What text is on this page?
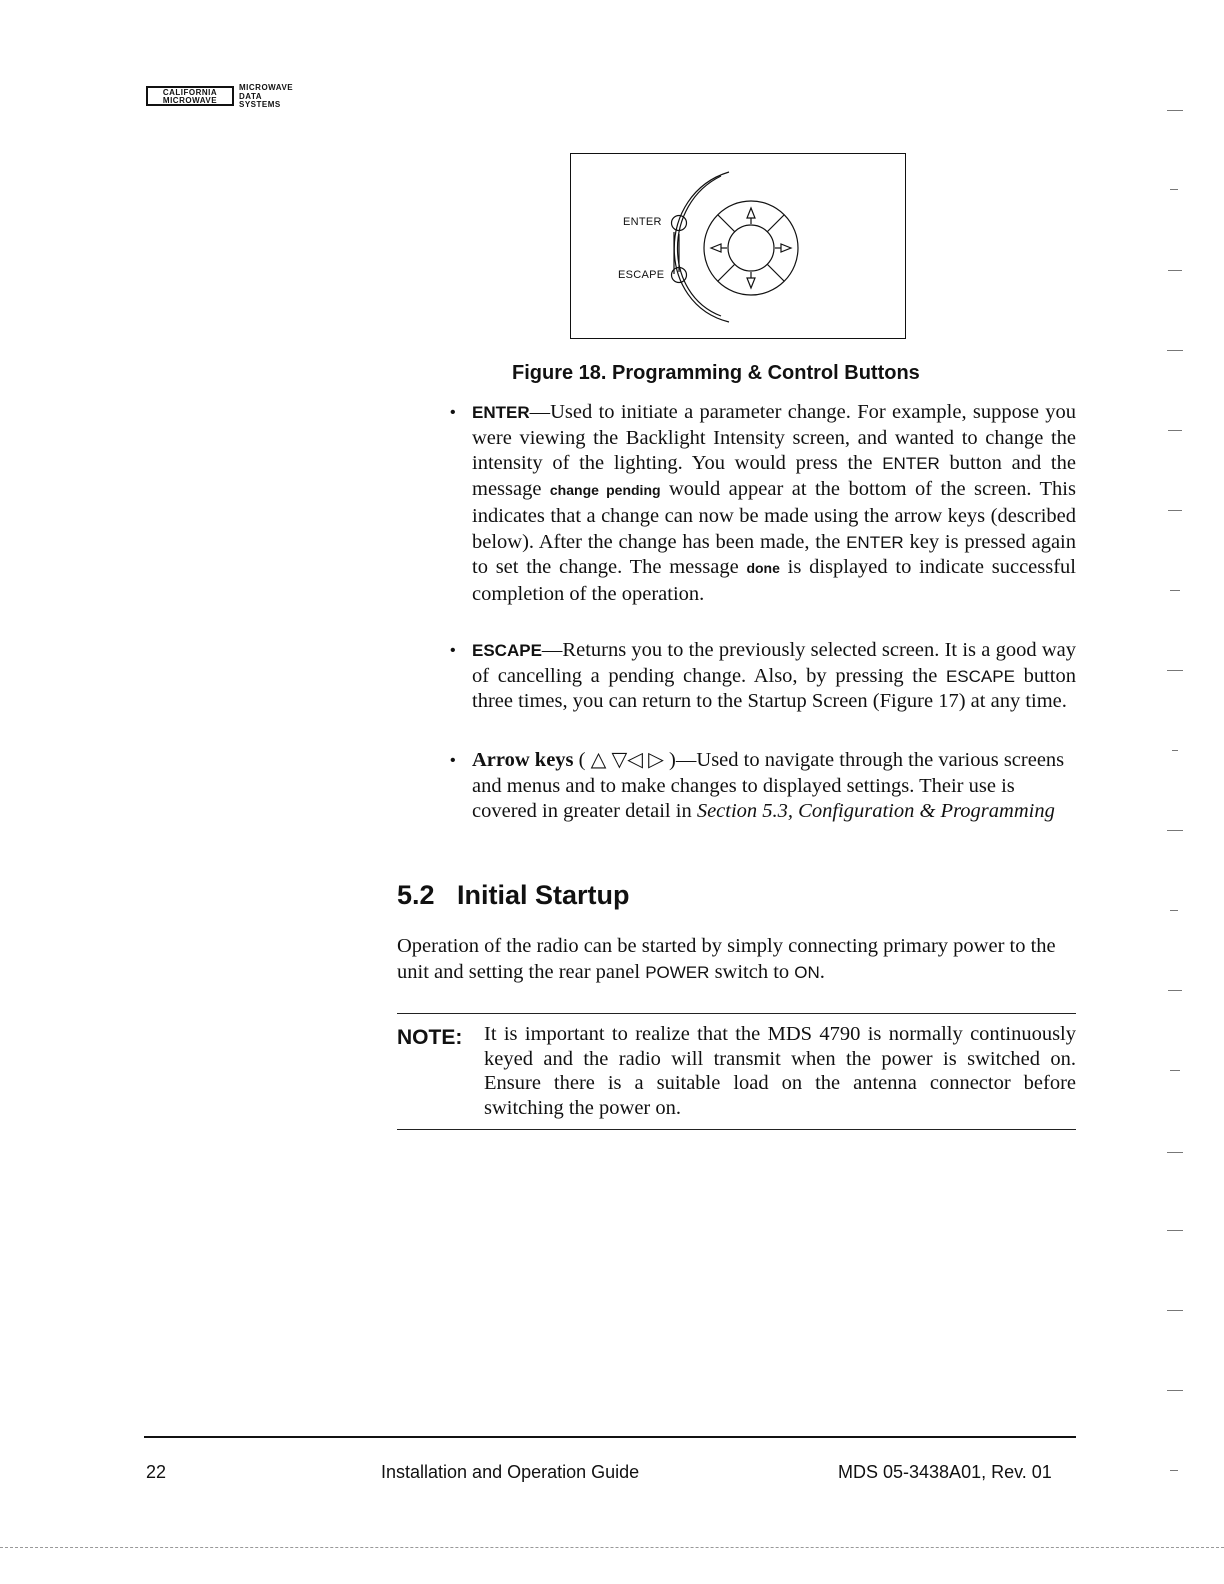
CALIFORNIA
MICROWAVE
MICROWAVE
DATA
SYSTEMS
ENTER
ESCAPE
Figure 18. Programming & Control Buttons
• ENTER—Used to initiate a parameter change. For example, suppose you were viewing the Backlight Intensity screen, and wanted to change the intensity of the lighting. You would press the ENTER button and the message change pending would appear at the bottom of the screen. This indicates that a change can now be made using the arrow keys (described below). After the change has been made, the ENTER key is pressed again to set the change. The message done is displayed to indicate successful completion of the operation.
• ESCAPE—Returns you to the previously selected screen. It is a good way of cancelling a pending change. Also, by pressing the ESCAPE button three times, you can return to the Startup Screen (Figure 17) at any time.
• Arrow keys ( △ ▽◁ ▷ )—Used to navigate through the various screens and menus and to make changes to displayed settings. Their use is covered in greater detail in Section 5.3, Configuration & Programming
5.2 Initial Startup
Operation of the radio can be started by simply connecting primary power to the unit and setting the rear panel POWER switch to ON.
NOTE: It is important to realize that the MDS 4790 is normally continuously keyed and the radio will transmit when the power is switched on. Ensure there is a suitable load on the antenna connector before switching the power on.
22	Installation and Operation Guide	MDS 05-3438A01, Rev. 01
